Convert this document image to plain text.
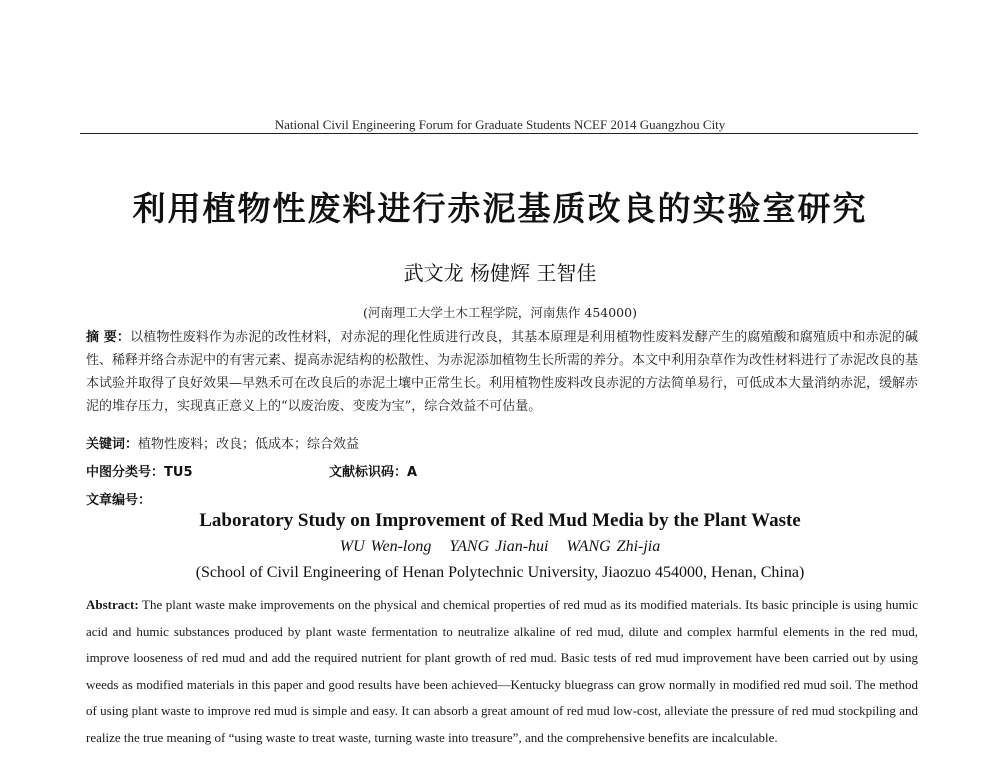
National Civil Engineering Forum for Graduate Students NCEF 2014 Guangzhou City
利用植物性废料进行赤泥基质改良的实验室研究
武文龙 杨健辉 王智佳
(河南理工大学土木工程学院，河南焦作 454000)
摘 要：以植物性废料作为赤泥的改性材料，对赤泥的理化性质进行改良，其基本原理是利用植物性废料发酵产生的腐殖酸和腐殖质中和赤泥的碱性、稀释并络合赤泥中的有害元素、提高赤泥结构的松散性、为赤泥添加植物生长所需的养分。本文中利用杂草作为改性材料进行了赤泥改良的基本试验并取得了良好效果—早熟禾可在改良后的赤泥土壤中正常生长。利用植物性废料改良赤泥的方法简单易行，可低成本大量消纳赤泥，缓解赤泥的堆存压力，实现真正意义上的“以废治废、变废为宝”，综合效益不可估量。
关键词：植物性废料；改良；低成本；综合效益
中图分类号：TU5	文献标识码：A
文章编号：
Laboratory Study on Improvement of Red Mud Media by the Plant Waste
WU Wen-long YANG Jian-hui WANG Zhi-jia
(School of Civil Engineering of Henan Polytechnic University, Jiaozuo 454000, Henan, China)
Abstract: The plant waste make improvements on the physical and chemical properties of red mud as its modified materials. Its basic principle is using humic acid and humic substances produced by plant waste fermentation to neutralize alkaline of red mud, dilute and complex harmful elements in the red mud, improve looseness of red mud and add the required nutrient for plant growth of red mud. Basic tests of red mud improvement have been carried out by using weeds as modified materials in this paper and good results have been achieved—Kentucky bluegrass can grow normally in modified red mud soil. The method of using plant waste to improve red mud is simple and easy. It can absorb a great amount of red mud low-cost, alleviate the pressure of red mud stockpiling and realize the true meaning of “using waste to treat waste, turning waste into treasure”, and the comprehensive benefits are incalculable.
